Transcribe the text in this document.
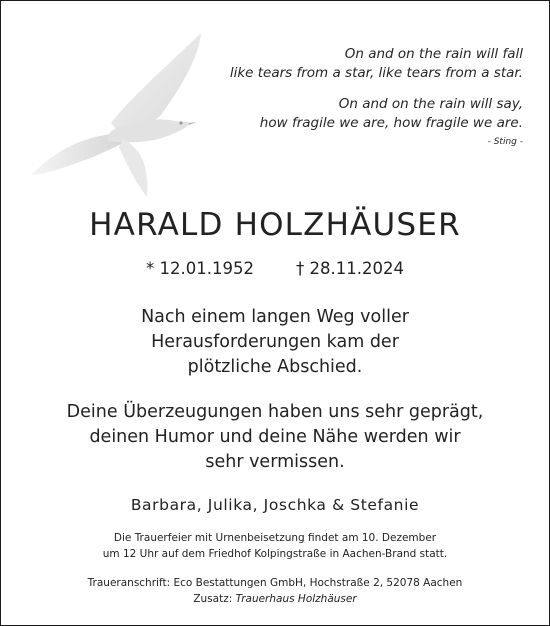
On and on the rain will fall
like tears from a star, like tears from a star.
On and on the rain will say,
how fragile we are, how fragile we are.
- Sting -
HARALD HOLZHÄUSER
* 12.01.1952	† 28.11.2024
Nach einem langen Weg voller
Herausforderungen kam der
plötzliche Abschied.
Deine Überzeugungen haben uns sehr geprägt,
deinen Humor und deine Nähe werden wir
sehr vermissen.
Barbara, Julika, Joschka & Stefanie
Die Trauerfeier mit Urnenbeisetzung findet am 10. Dezember
um 12 Uhr auf dem Friedhof Kolpingstraße in Aachen-Brand statt.
Traueranschrift: Eco Bestattungen GmbH, Hochstraße 2, 52078 Aachen
Zusatz: Trauerhaus Holzhäuser
